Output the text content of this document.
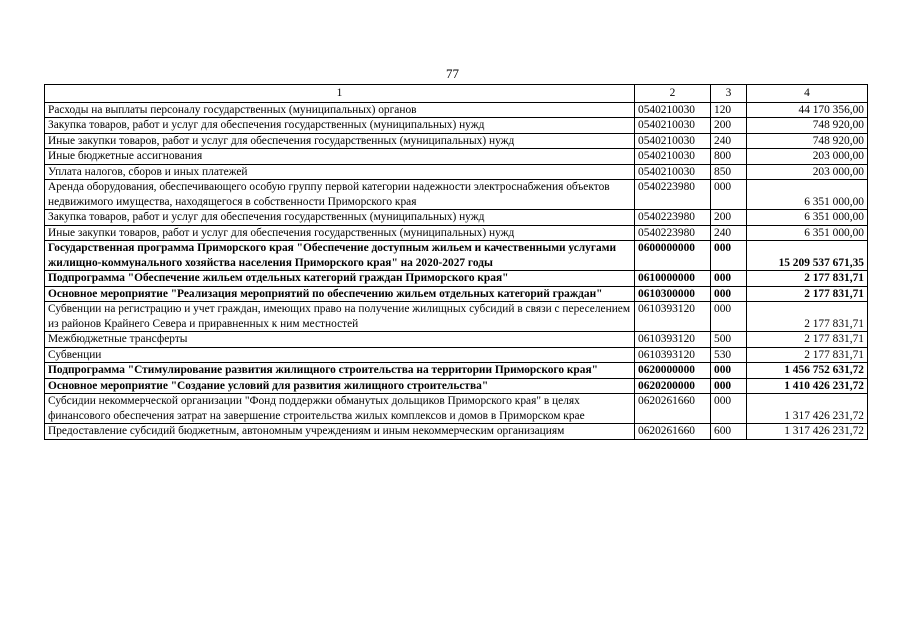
77
1	2	3	4
Расходы на выплаты персоналу государственных (муниципальных) органов	0540210030	120	44 170 356,00
Закупка товаров, работ и услуг для обеспечения государственных (муниципальных) нужд	0540210030	200	748 920,00
Иные закупки товаров, работ и услуг для обеспечения государственных (муниципальных) нужд	0540210030	240	748 920,00
Иные бюджетные ассигнования	0540210030	800	203 000,00
Уплата налогов, сборов и иных платежей	0540210030	850	203 000,00
Аренда оборудования, обеспечивающего особую группу первой категории надежности электроснабжения объектов недвижимого имущества, находящегося в собственности Приморского края	0540223980	000	6 351 000,00
Закупка товаров, работ и услуг для обеспечения государственных (муниципальных) нужд	0540223980	200	6 351 000,00
Иные закупки товаров, работ и услуг для обеспечения государственных (муниципальных) нужд	0540223980	240	6 351 000,00
Государственная программа Приморского края "Обеспечение доступным жильем и качественными услугами жилищно-коммунального хозяйства населения Приморского края" на 2020-2027 годы	0600000000	000	15 209 537 671,35
Подпрограмма "Обеспечение жильем отдельных категорий граждан Приморского края"	0610000000	000	2 177 831,71
Основное мероприятие "Реализация мероприятий по обеспечению жильем отдельных категорий граждан"	0610300000	000	2 177 831,71
Субвенции на регистрацию и учет граждан, имеющих право на получение жилищных субсидий в связи с переселением из районов Крайнего Севера и приравненных к ним местностей	0610393120	000	2 177 831,71
Межбюджетные трансферты	0610393120	500	2 177 831,71
Субвенции	0610393120	530	2 177 831,71
Подпрограмма "Стимулирование развития жилищного строительства на территории Приморского края"	0620000000	000	1 456 752 631,72
Основное мероприятие "Создание условий для развития жилищного строительства"	0620200000	000	1 410 426 231,72
Субсидии некоммерческой организации "Фонд поддержки обманутых дольщиков Приморского края" в целях финансового обеспечения затрат на завершение строительства жилых комплексов и домов в Приморском крае	0620261660	000	1 317 426 231,72
Предоставление субсидий бюджетным, автономным учреждениям и иным некоммерческим организациям	0620261660	600	1 317 426 231,72
